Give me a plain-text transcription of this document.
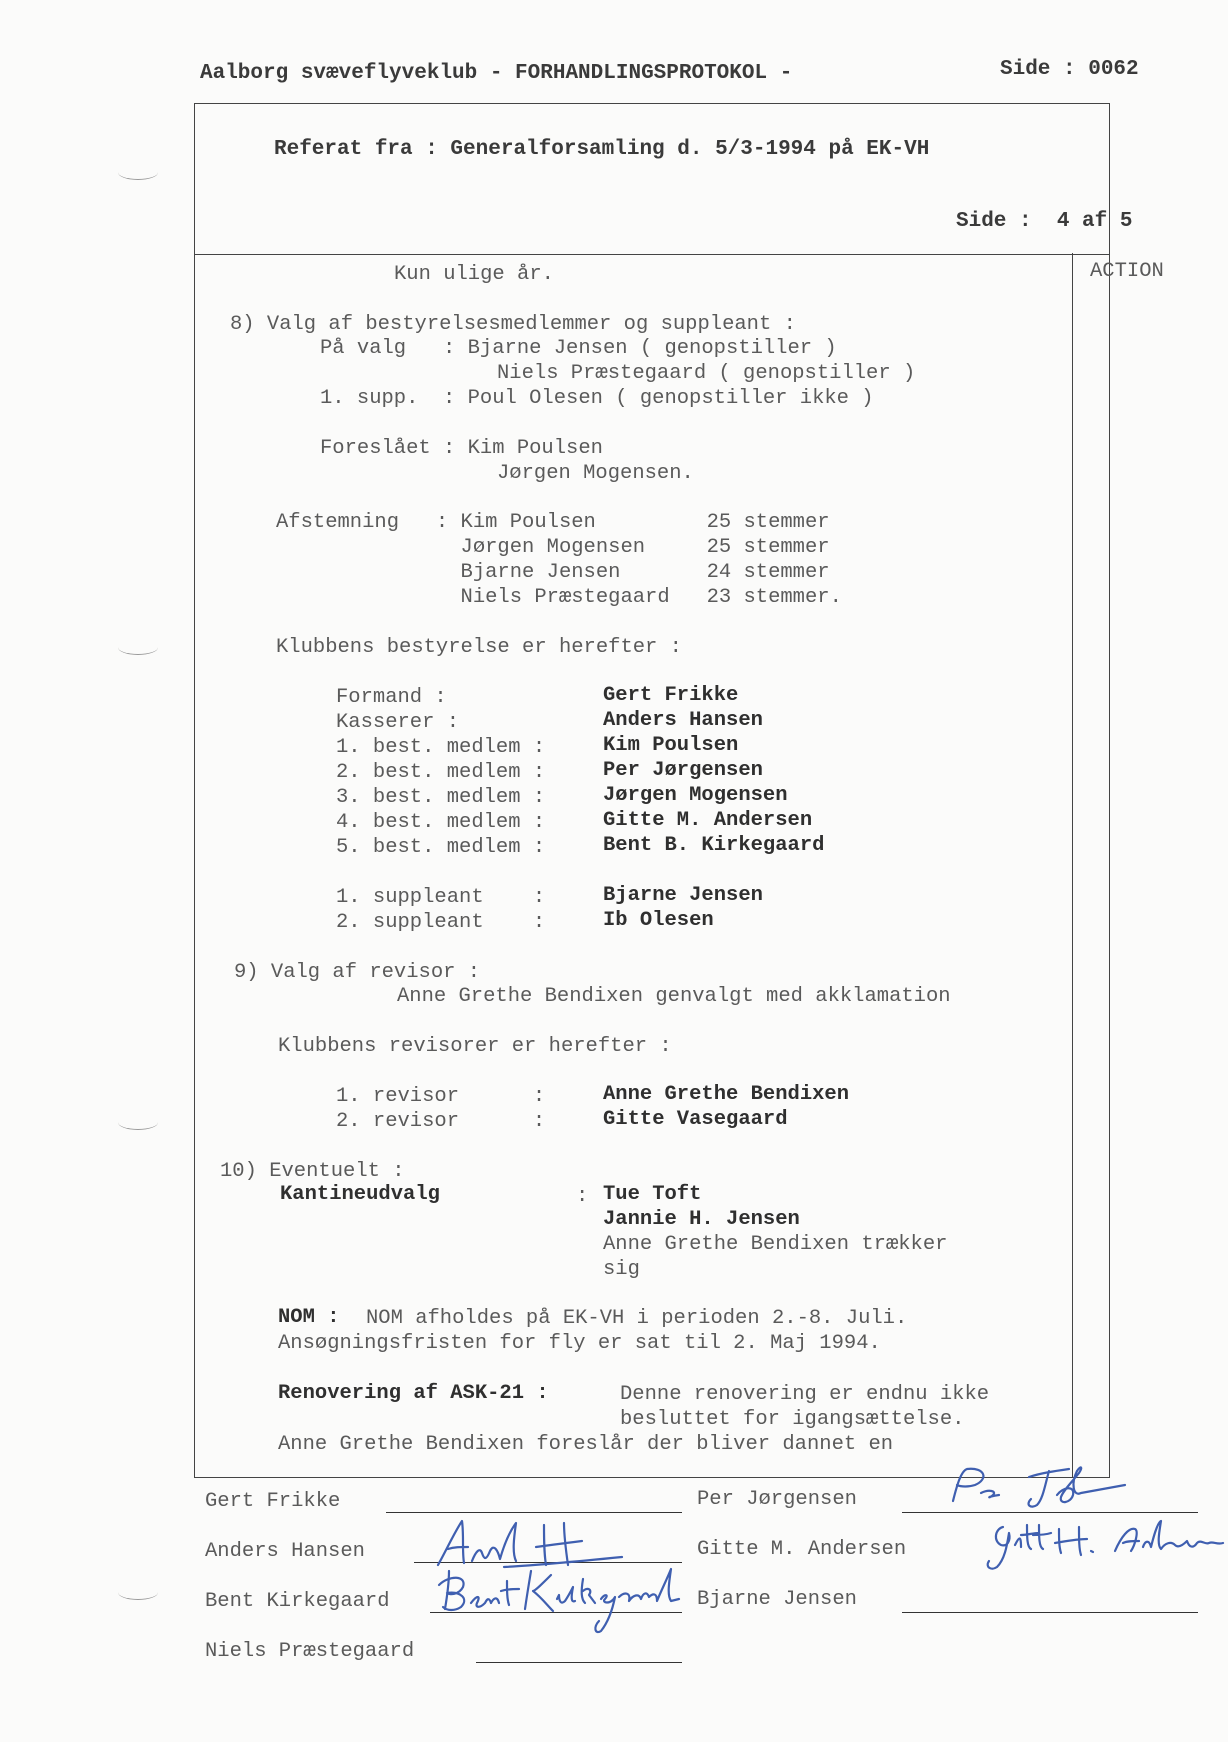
Aalborg svæveflyveklub - FORHANDLINGSPROTOKOL -	Side : 0062
Referat fra : Generalforsamling d. 5/3-1994 på EK-VH
Side :  4 af 5
ACTION
Kun ulige år.
8) Valg af bestyrelsesmedlemmer og suppleant :
På valg   : Bjarne Jensen ( genopstiller )
Niels Præstegaard ( genopstiller )
1. supp.  : Poul Olesen ( genopstiller ikke )
Foreslået : Kim Poulsen
Jørgen Mogensen.
Afstemning   : Kim Poulsen         25 stemmer
Jørgen Mogensen     25 stemmer
Bjarne Jensen       24 stemmer
Niels Præstegaard   23 stemmer.
Klubbens bestyrelse er herefter :
Formand :	Gert Frikke
Kasserer :	Anders Hansen
1. best. medlem :	Kim Poulsen
2. best. medlem :	Per Jørgensen
3. best. medlem :	Jørgen Mogensen
4. best. medlem :	Gitte M. Andersen
5. best. medlem :	Bent B. Kirkegaard
1. suppleant    :	Bjarne Jensen
2. suppleant    :	Ib Olesen
9) Valg af revisor :
Anne Grethe Bendixen genvalgt med akklamation
Klubbens revisorer er herefter :
1. revisor      :	Anne Grethe Bendixen
2. revisor      :	Gitte Vasegaard
10) Eventuelt :
Kantineudvalg	: Tue Toft
Jannie H. Jensen
Anne Grethe Bendixen trækker
sig
NOM : NOM afholdes på EK-VH i perioden 2.-8. Juli.
Ansøgningsfristen for fly er sat til 2. Maj 1994.
Renovering af ASK-21 :	Denne renovering er endnu ikke
besluttet for igangsættelse.
Anne Grethe Bendixen foreslår der bliver dannet en
Gert Frikke	Per Jørgensen
Anders Hansen	Gitte M. Andersen
Bent Kirkegaard	Bjarne Jensen
Niels Præstegaard
